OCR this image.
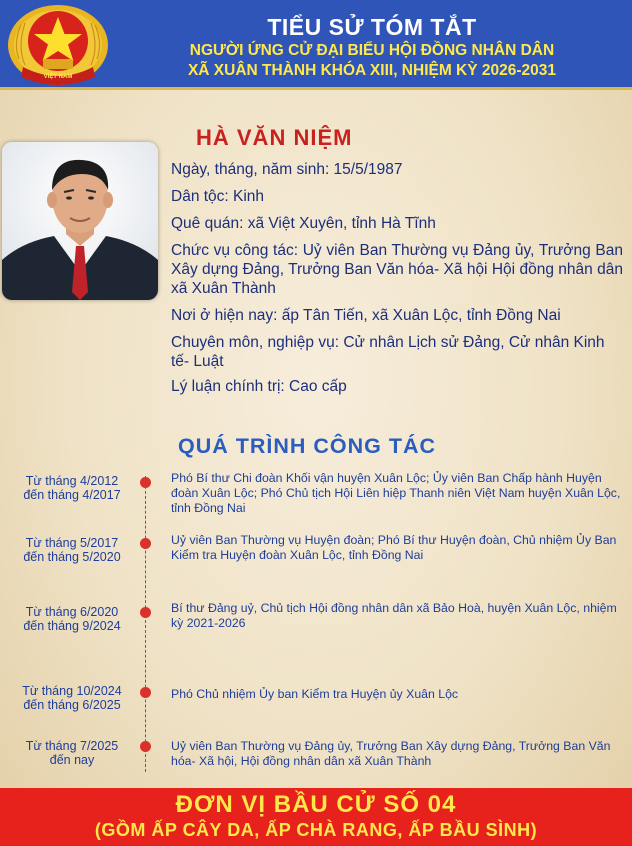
VIỆT NAM
TIỂU SỬ TÓM TẮT
NGƯỜI ỨNG CỬ ĐẠI BIỂU HỘI ĐỒNG NHÂN DÂN
XÃ XUÂN THÀNH KHÓA XIII, NHIỆM KỲ 2026-2031
HÀ VĂN NIỆM

Ngày, tháng, năm sinh: 15/5/1987

Dân tộc: Kinh

Quê quán: xã Việt Xuyên, tỉnh Hà Tĩnh

Chức vụ công tác: Uỷ viên Ban Thường vụ Đảng ủy, Trưởng Ban Xây dựng Đảng, Trưởng Ban Văn hóa- Xã hội Hội đồng nhân dân xã Xuân Thành

Nơi ở hiện nay: ấp Tân Tiến, xã Xuân Lộc, tỉnh Đồng Nai

Chuyên môn, nghiệp vụ: Cử nhân Lịch sử Đảng, Cử nhân Kinh tế- Luật

Lý luận chính trị: Cao cấp

QUÁ TRÌNH CÔNG TÁC
Từ tháng 4/2012
đến tháng 4/2017
Phó Bí thư Chi đoàn Khối vận huyện Xuân Lộc; Ủy viên Ban Chấp hành Huyện đoàn Xuân Lộc; Phó Chủ tịch Hội Liên hiệp Thanh niên Việt Nam huyện Xuân Lộc, tỉnh Đồng Nai
Từ tháng 5/2017
đến tháng 5/2020
Uỷ viên Ban Thường vụ Huyện đoàn; Phó Bí thư Huyện đoàn, Chủ nhiệm Ủy Ban Kiểm tra Huyện đoàn Xuân Lộc, tỉnh Đồng Nai
Từ tháng 6/2020
đến tháng 9/2024
Bí thư Đảng uỷ, Chủ tịch Hội đồng nhân dân xã Bảo Hoà, huyện Xuân Lộc, nhiệm kỳ 2021-2026
Từ tháng 10/2024
đến tháng 6/2025
Phó Chủ nhiệm Ủy ban Kiểm tra Huyện ủy Xuân Lộc
Từ tháng 7/2025
đến nay
Uỷ viên Ban Thường vụ Đảng ủy, Trưởng Ban Xây dựng Đảng, Trưởng Ban Văn hóa- Xã hội, Hội đồng nhân dân xã Xuân Thành
ĐƠN VỊ BẦU CỬ SỐ 04
(GỒM ẤP CÂY DA, ẤP CHÀ RANG, ẤP BẦU SÌNH)
